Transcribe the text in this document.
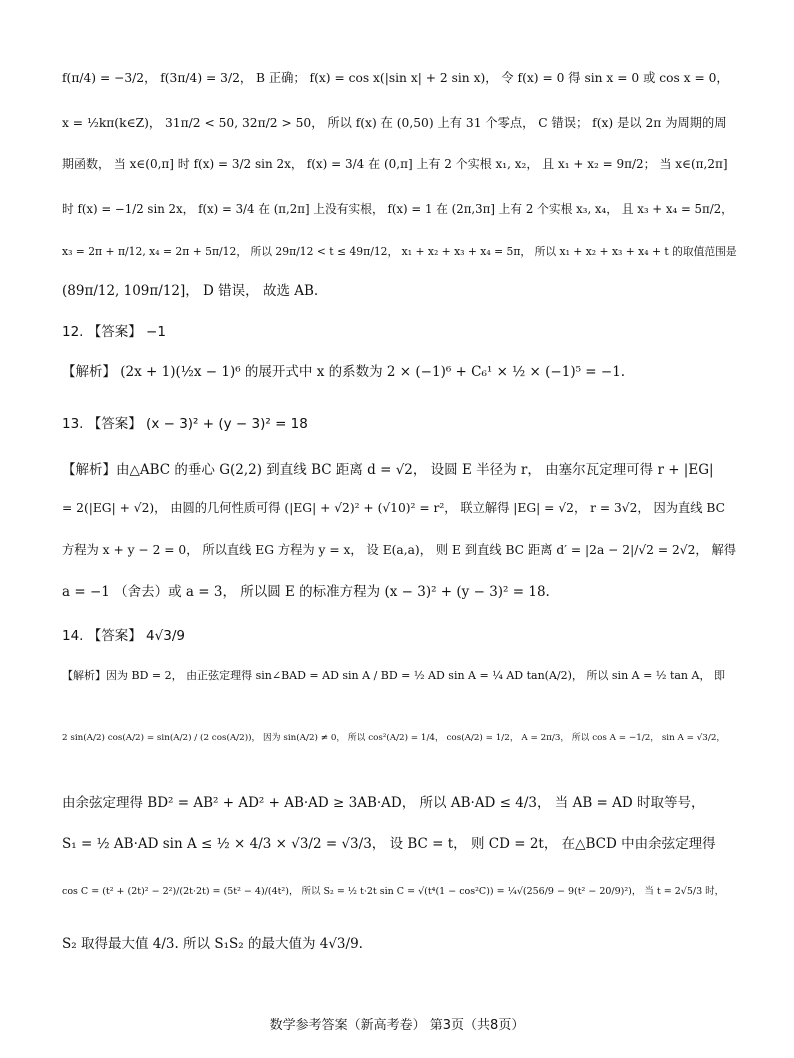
f(π/4) = −3/2， f(3π/4) = 3/2， B 正确； f(x) = cos x(|sin x| + 2 sin x)， 令 f(x) = 0 得 sin x = 0 或 cos x = 0，
x = ½kπ(k∈Z)， 31π/2 < 50, 32π/2 > 50， 所以 f(x) 在 (0,50) 上有 31 个零点， C 错误； f(x) 是以 2π 为周期的周
期函数， 当 x∈(0,π] 时 f(x) = 3/2 sin 2x， f(x) = 3/4 在 (0,π] 上有 2 个实根 x₁, x₂， 且 x₁ + x₂ = 9π/2； 当 x∈(π,2π]
时 f(x) = −1/2 sin 2x， f(x) = 3/4 在 (π,2π] 上没有实根， f(x) = 1 在 (2π,3π] 上有 2 个实根 x₃, x₄， 且 x₃ + x₄ = 5π/2，
x₃ = 2π + π/12, x₄ = 2π + 5π/12， 所以 29π/12 < t ≤ 49π/12， x₁ + x₂ + x₃ + x₄ = 5π， 所以 x₁ + x₂ + x₃ + x₄ + t 的取值范围是
(89π/12, 109π/12]， D 错误， 故选 AB.
12. 【答案】 −1
【解析】 (2x + 1)(½x − 1)⁶ 的展开式中 x 的系数为 2 × (−1)⁶ + C₆¹ × ½ × (−1)⁵ = −1.
13. 【答案】 (x − 3)² + (y − 3)² = 18
【解析】由△ABC 的垂心 G(2,2) 到直线 BC 距离 d = √2， 设圆 E 半径为 r， 由塞尔瓦定理可得 r + |EG|
= 2(|EG| + √2)， 由圆的几何性质可得 (|EG| + √2)² + (√10)² = r²， 联立解得 |EG| = √2， r = 3√2， 因为直线 BC
方程为 x + y − 2 = 0， 所以直线 EG 方程为 y = x， 设 E(a,a)， 则 E 到直线 BC 距离 d′ = |2a − 2|/√2 = 2√2， 解得
a = −1 （舍去）或 a = 3， 所以圆 E 的标准方程为 (x − 3)² + (y − 3)² = 18.
14. 【答案】 4√3/9
【解析】因为 BD = 2， 由正弦定理得 sin∠BAD = AD sin A / BD = ½ AD sin A = ¼ AD tan(A/2)， 所以 sin A = ½ tan A， 即
2 sin(A/2) cos(A/2) = sin(A/2) / (2 cos(A/2))， 因为 sin(A/2) ≠ 0， 所以 cos²(A/2) = 1/4， cos(A/2) = 1/2， A = 2π/3， 所以 cos A = −1/2， sin A = √3/2，
由余弦定理得 BD² = AB² + AD² + AB·AD ≥ 3AB·AD， 所以 AB·AD ≤ 4/3， 当 AB = AD 时取等号，
S₁ = ½ AB·AD sin A ≤ ½ × 4/3 × √3/2 = √3/3， 设 BC = t， 则 CD = 2t， 在△BCD 中由余弦定理得
cos C = (t² + (2t)² − 2²)/(2t·2t) = (5t² − 4)/(4t²)， 所以 S₂ = ½ t·2t sin C = √(t⁴(1 − cos²C)) = ¼√(256/9 − 9(t² − 20/9)²)， 当 t = 2√5/3 时，
S₂ 取得最大值 4/3. 所以 S₁S₂ 的最大值为 4√3/9.
数学参考答案（新高考卷） 第3页（共8页）
